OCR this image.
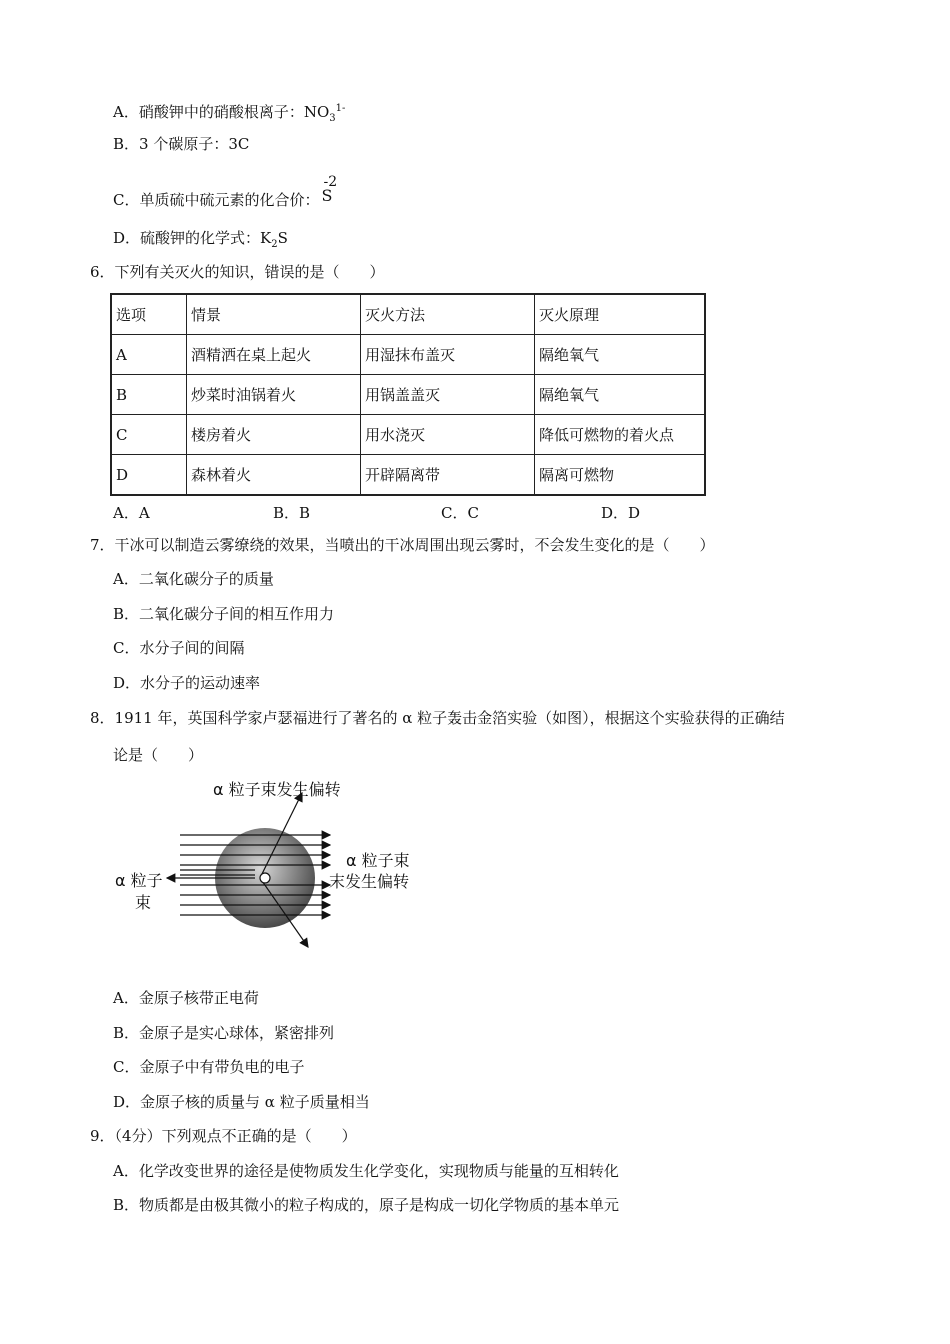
A．硝酸钾中的硝酸根离子：$NO_3^{1-}$
B．3 个碳原子：3C
C．单质硫中硫元素的化合价：
-2
S
D．硫酸钾的化学式：$K_2S$
6．下列有关灭火的知识，错误的是（　　）
选项	情景	灭火方法	灭火原理
A	酒精洒在桌上起火	用湿抹布盖灭	隔绝氧气
B	炒菜时油锅着火	用锅盖盖灭	隔绝氧气
C	楼房着火	用水浇灭	降低可燃物的着火点
D	森林着火	开辟隔离带	隔离可燃物
A．A	B．B	C．C	D．D
7．干冰可以制造云雾缭绕的效果，当喷出的干冰周围出现云雾时，不会发生变化的是（　　）
A．二氧化碳分子的质量
B．二氧化碳分子间的相互作用力
C．水分子间的间隔
D．水分子的运动速率
8．1911 年，英国科学家卢瑟福进行了著名的 α 粒子轰击金箔实验（如图），根据这个实验获得的正确结
论是（　　）
α 粒子束发生偏转
α 粒子束
末发生偏转
α 粒子
束
A．金原子核带正电荷
B．金原子是实心球体，紧密排列
C．金原子中有带负电的电子
D．金原子核的质量与 α 粒子质量相当
9．（4分）下列观点不正确的是（　　）
A．化学改变世界的途径是使物质发生化学变化，实现物质与能量的互相转化
B．物质都是由极其微小的粒子构成的，原子是构成一切化学物质的基本单元
